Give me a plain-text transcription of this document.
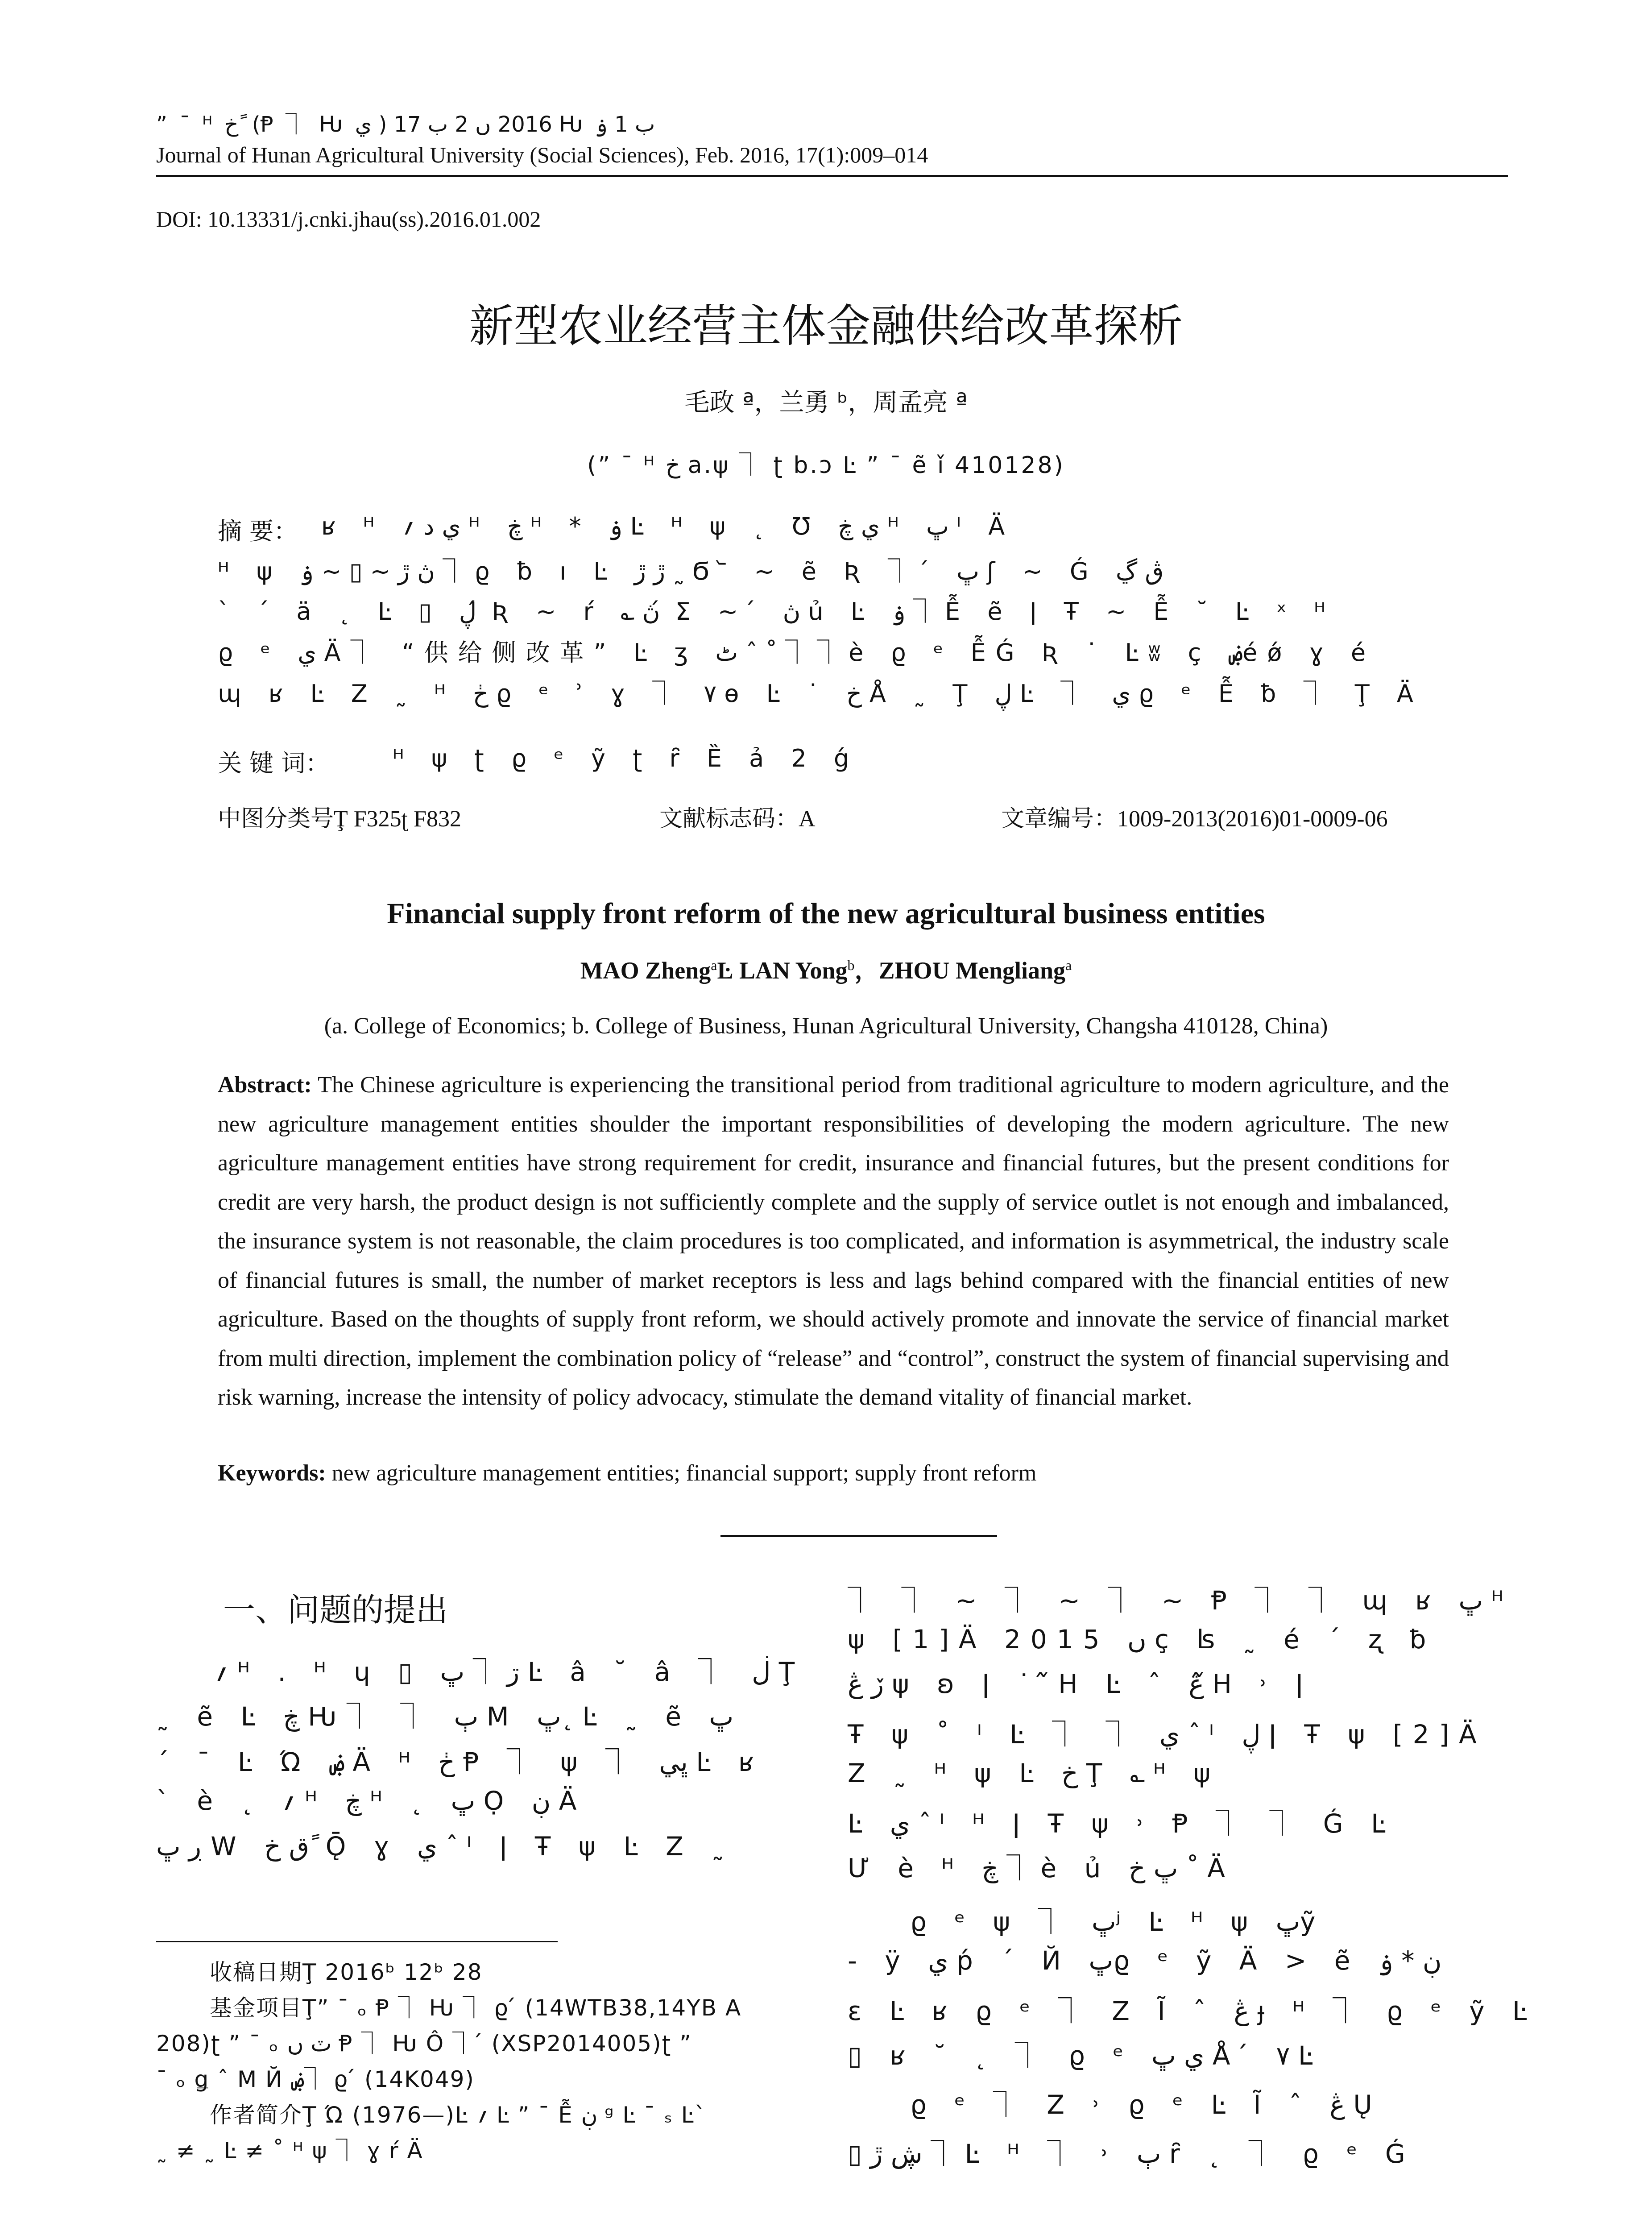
” ¯ ᴴ خ ً (Ᵽ ⏋ Ƕ ي ) 2016 ں 2 ب 17 Ƕ ب 1 ۏ
Journal of Hunan Agricultural University (Social Sciences), Feb. 2016, 17(1):009–014
DOI: 10.13331/j.cnki.jhau(ss).2016.01.002
新型农业经营主体金融供给改革探析
毛政 ª，兰勇 ᵇ，周孟亮 ª
(” ¯ ᴴ خ a.ψ ⏋ ʈ b.ɔ Ŀ ” ¯ ẽ ǐ 410128)
摘 要： ʁ ᴴ ي د ؍ ᴴ ڿ ᴴ * ۏ Ŀ ᴴ ψ ˛ Ʊ ي ڿ ᴴ ڀ ᴵ Ä
ᴴ ψ ڽ ڙ ~ ▯ ~ ۏ ⏋ ϱ ƀ ı Ŀ ڙ ڙ ˷ Ϭ ᷅ ~ ẽ Ʀ ⏋ ́ ڀ ʃ ~ Ǵ ڨ ڲ
` ´ ä ˛ Ŀ ▯ ڸ ́ Ʀ ~ ŕ ؎ ڽ ́ Σ ~ ́ ڽ ủ Ŀ ۏ ⏋ Ễ ẽ ǀ Ŧ ~ Ễ ˘ Ŀ ˣ ᴴ
ϱ ᵉ ي Ä⏋ “供给侧改革” Ŀ ʒ ٹ ˆ ˚ ⏋ ⏋ è ϱ ᵉ ỄǴ Ʀ ˙ Ŀʬ ҫ ۻéǿ ɣ é
ɰ ʁ Ŀ Z ˷ ᴴ ڂ ϱ ᵉ ʾ ɣ ⏋ ۷ ɵ Ŀ ˙ خ Å ˷ Ţ ڸ Ŀ ⏋ ي ϱ ᵉ Ễ ƀ ⏋ Ţ Ä
关 键 词：	ᴴ ψ ʈ ϱ ᵉ ỹ ʈ ȓ Ȅ ả 2 ǵ
中图分类号Ţ F325ʈ F832	文献标志码：A	文章编号：1009-2013(2016)01-0009-06
Financial supply front reform of the new agricultural business entities
MAO Zheng$^a$Ŀ LAN Yong$^b$，ZHOU Mengliang$^a$
(a. College of Economics; b. College of Business, Hunan Agricultural University, Changsha 410128, China)
Abstract: The Chinese agriculture is experiencing the transitional period from traditional agriculture to modern agriculture, and the new agriculture management entities shoulder the important responsibilities of developing the modern agriculture. The new agriculture management entities have strong requirement for credit, insurance and financial futures, but the present conditions for credit are very harsh, the product design is not sufficiently complete and the supply of service outlet is not enough and imbalanced, the insurance system is not reasonable, the claim procedures is too complicated, and information is asymmetrical, the industry scale of financial futures is small, the number of market receptors is less and lags behind compared with the financial entities of new agriculture. Based on the thoughts of supply front reform, we should actively promote and innovate the service of financial market from multi direction, implement the combination policy of “release” and “control”, construct the system of financial supervising and risk warning, increase the intensity of policy advocacy, stimulate the demand vitality of financial market.
Keywords: new agriculture management entities; financial support; supply front reform
一、问题的提出
؍ ᴴ . ᴴ ɥ ▯ ڗ ⏋ ڀ Ŀ â ˘ â ⏋ ڶ Ţ
˷ ẽ Ŀ ڿ Ƕ⏋ ⏋ ٻ M ڀ˛ Ŀ ˷ ẽ ڀ
´ ¯ Ŀ Ώ ۻ Ä ᴴ ڂ Ᵽ ⏋ ψ ⏋ ڀي Ŀ ʁ
` è ˛ ؍ ᴴ ڿ ᴴ ˛ ڀ Ọ ڹ Ä
ڔ ڀ W ق خ ً Ǭ ɣ ي ˆ ᴵ ǀ Ŧ ψ Ŀ Z ˷
收稿日期Ţ 2016ᵇ 12ᵇ 28
基金项目Ţ” ¯ ₒ Ᵽ ⏋ Ƕ ⏋ ϱ ́ (14WTB38,14YB A
208)ʈ ” ¯ ₒ ٽ ں Ᵽ ⏋ Ƕ Ô ⏋ ́ (XSP2014005)ʈ ”
¯ ₒ ǥ ˆ M Й ۻ⏋ ϱ ́ (14K049)
作者简介Ţ Ώ (1976—)Ŀ ؍ Ŀ ” ¯ Ễ ڹ ᵍ Ŀ ¯ ₛ Ŀ`
˷ ≠ ˷ Ŀ ≠ ˚ ᴴ ψ ⏋ ɣ ŕ Ä
⏋ ⏋ ~ ⏋ ~ ⏋ ~ Ᵽ ⏋ ⏋ ɰ ʁ ڀ ᴴ
ψ [1]Ä 2015 ں ç ʪ ˷ é ´ ʐ ƀ
ڒ ڠ ψ ʚ ǀ ˙ ᷉H Ŀ ˆ ڠ ᷉H ˒ ǀ
Ŧ ψ ˚ ᴵ Ŀ ⏋ ⏋ ي ˆ ᴵ ڸ ǀ Ŧ ψ [2]Ä
Z ˷ ᴴ ψ Ŀ خ Ţ ؎ ᴴ ψ
Ŀ ي ˆ ᴵ ᴴ ǀ Ŧ ψ ˒ Ᵽ ⏋ ⏋ Ǵ Ŀ
Ư è ᴴ ڿ ⏋ è ủ ڀ خ ˚ Ä
ϱ ᵉ ψ ⏋ ڀʲ Ŀ ᴴ ψ ڀỹ
- ÿ ي ṕ ´ Й ڀϱ ᵉ ỹ Ä > ẽ ڹ * ۏ
ɛ Ŀ ʁ ϱ ᵉ ⏋ Z Ĩ ˆ ڠ ɟ ᴴ ⏋ ϱ ᵉ ỹ Ŀ
▯ ʁ ˘ ˛ ⏋ ϱ ᵉ ي ڀ Å ́ ۷ Ŀ
ϱ ᵉ ⏋ Z ˒ ϱ ᵉ Ŀ Ĩ ˆ ڠ Ų
▯ ڜ ڙ ⏋ Ŀ ᴴ ⏋ ˒ ٻ ȓ ˛ ⏋ ϱ ᵉ Ǵ
